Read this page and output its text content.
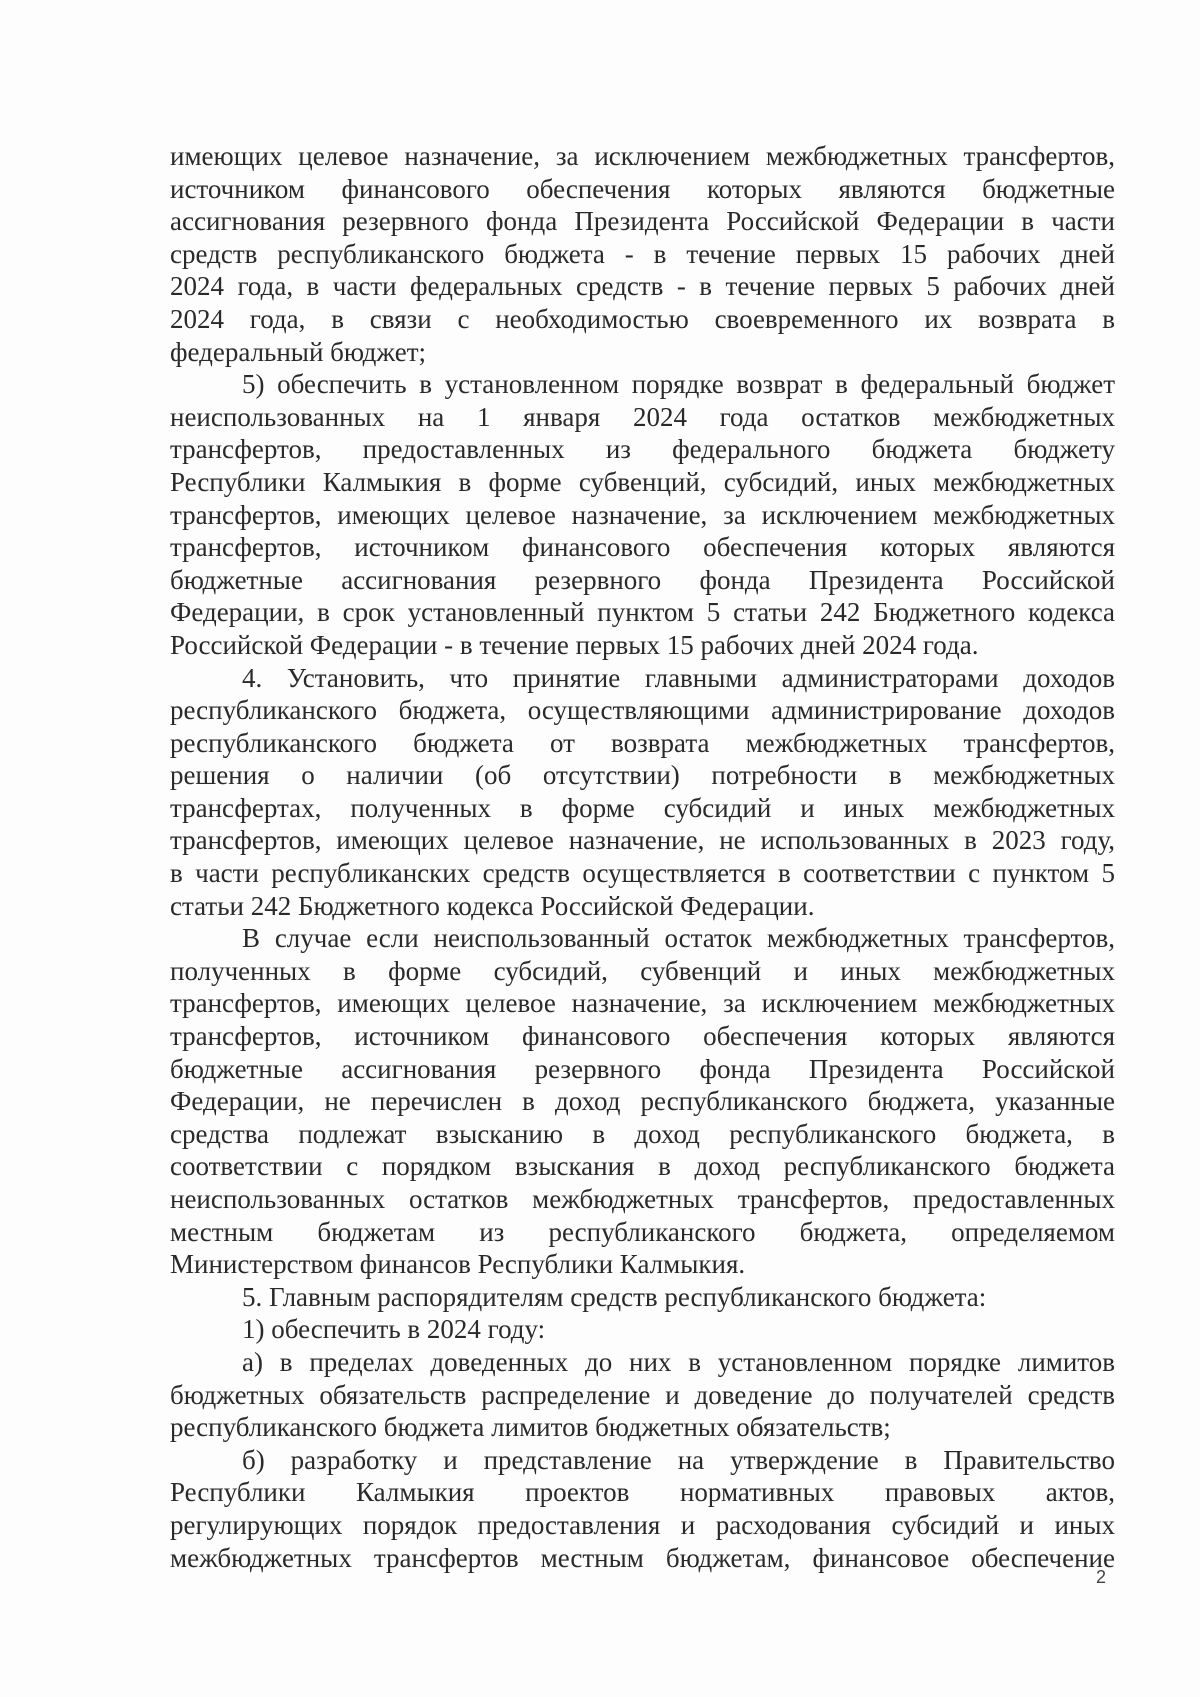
имеющих целевое назначение, за исключением межбюджетных трансфертов,
источником финансового обеспечения которых являются бюджетные
ассигнования резервного фонда Президента Российской Федерации в части
средств республиканского бюджета - в течение первых 15 рабочих дней
2024 года, в части федеральных средств - в течение первых 5 рабочих дней
2024 года, в связи с необходимостью своевременного их возврата в
федеральный бюджет;
5) обеспечить в установленном порядке возврат в федеральный бюджет
неиспользованных на 1 января 2024 года остатков межбюджетных
трансфертов, предоставленных из федерального бюджета бюджету
Республики Калмыкия в форме субвенций, субсидий, иных межбюджетных
трансфертов, имеющих целевое назначение, за исключением межбюджетных
трансфертов, источником финансового обеспечения которых являются
бюджетные ассигнования резервного фонда Президента Российской
Федерации, в срок установленный пунктом 5 статьи 242 Бюджетного кодекса
Российской Федерации - в течение первых 15 рабочих дней 2024 года.
4. Установить, что принятие главными администраторами доходов
республиканского бюджета, осуществляющими администрирование доходов
республиканского бюджета от возврата межбюджетных трансфертов,
решения о наличии (об отсутствии) потребности в межбюджетных
трансфертах, полученных в форме субсидий и иных межбюджетных
трансфертов, имеющих целевое назначение, не использованных в 2023 году,
в части республиканских средств осуществляется в соответствии с пунктом 5
статьи 242 Бюджетного кодекса Российской Федерации.
В случае если неиспользованный остаток межбюджетных трансфертов,
полученных в форме субсидий, субвенций и иных межбюджетных
трансфертов, имеющих целевое назначение, за исключением межбюджетных
трансфертов, источником финансового обеспечения которых являются
бюджетные ассигнования резервного фонда Президента Российской
Федерации, не перечислен в доход республиканского бюджета, указанные
средства подлежат взысканию в доход республиканского бюджета, в
соответствии с порядком взыскания в доход республиканского бюджета
неиспользованных остатков межбюджетных трансфертов, предоставленных
местным бюджетам из республиканского бюджета, определяемом
Министерством финансов Республики Калмыкия.
5. Главным распорядителям средств республиканского бюджета:
1) обеспечить в 2024 году:
а) в пределах доведенных до них в установленном порядке лимитов
бюджетных обязательств распределение и доведение до получателей средств
республиканского бюджета лимитов бюджетных обязательств;
б) разработку и представление на утверждение в Правительство
Республики Калмыкия проектов нормативных правовых актов,
регулирующих порядок предоставления и расходования субсидий и иных
межбюджетных трансфертов местным бюджетам, финансовое обеспечение
2
